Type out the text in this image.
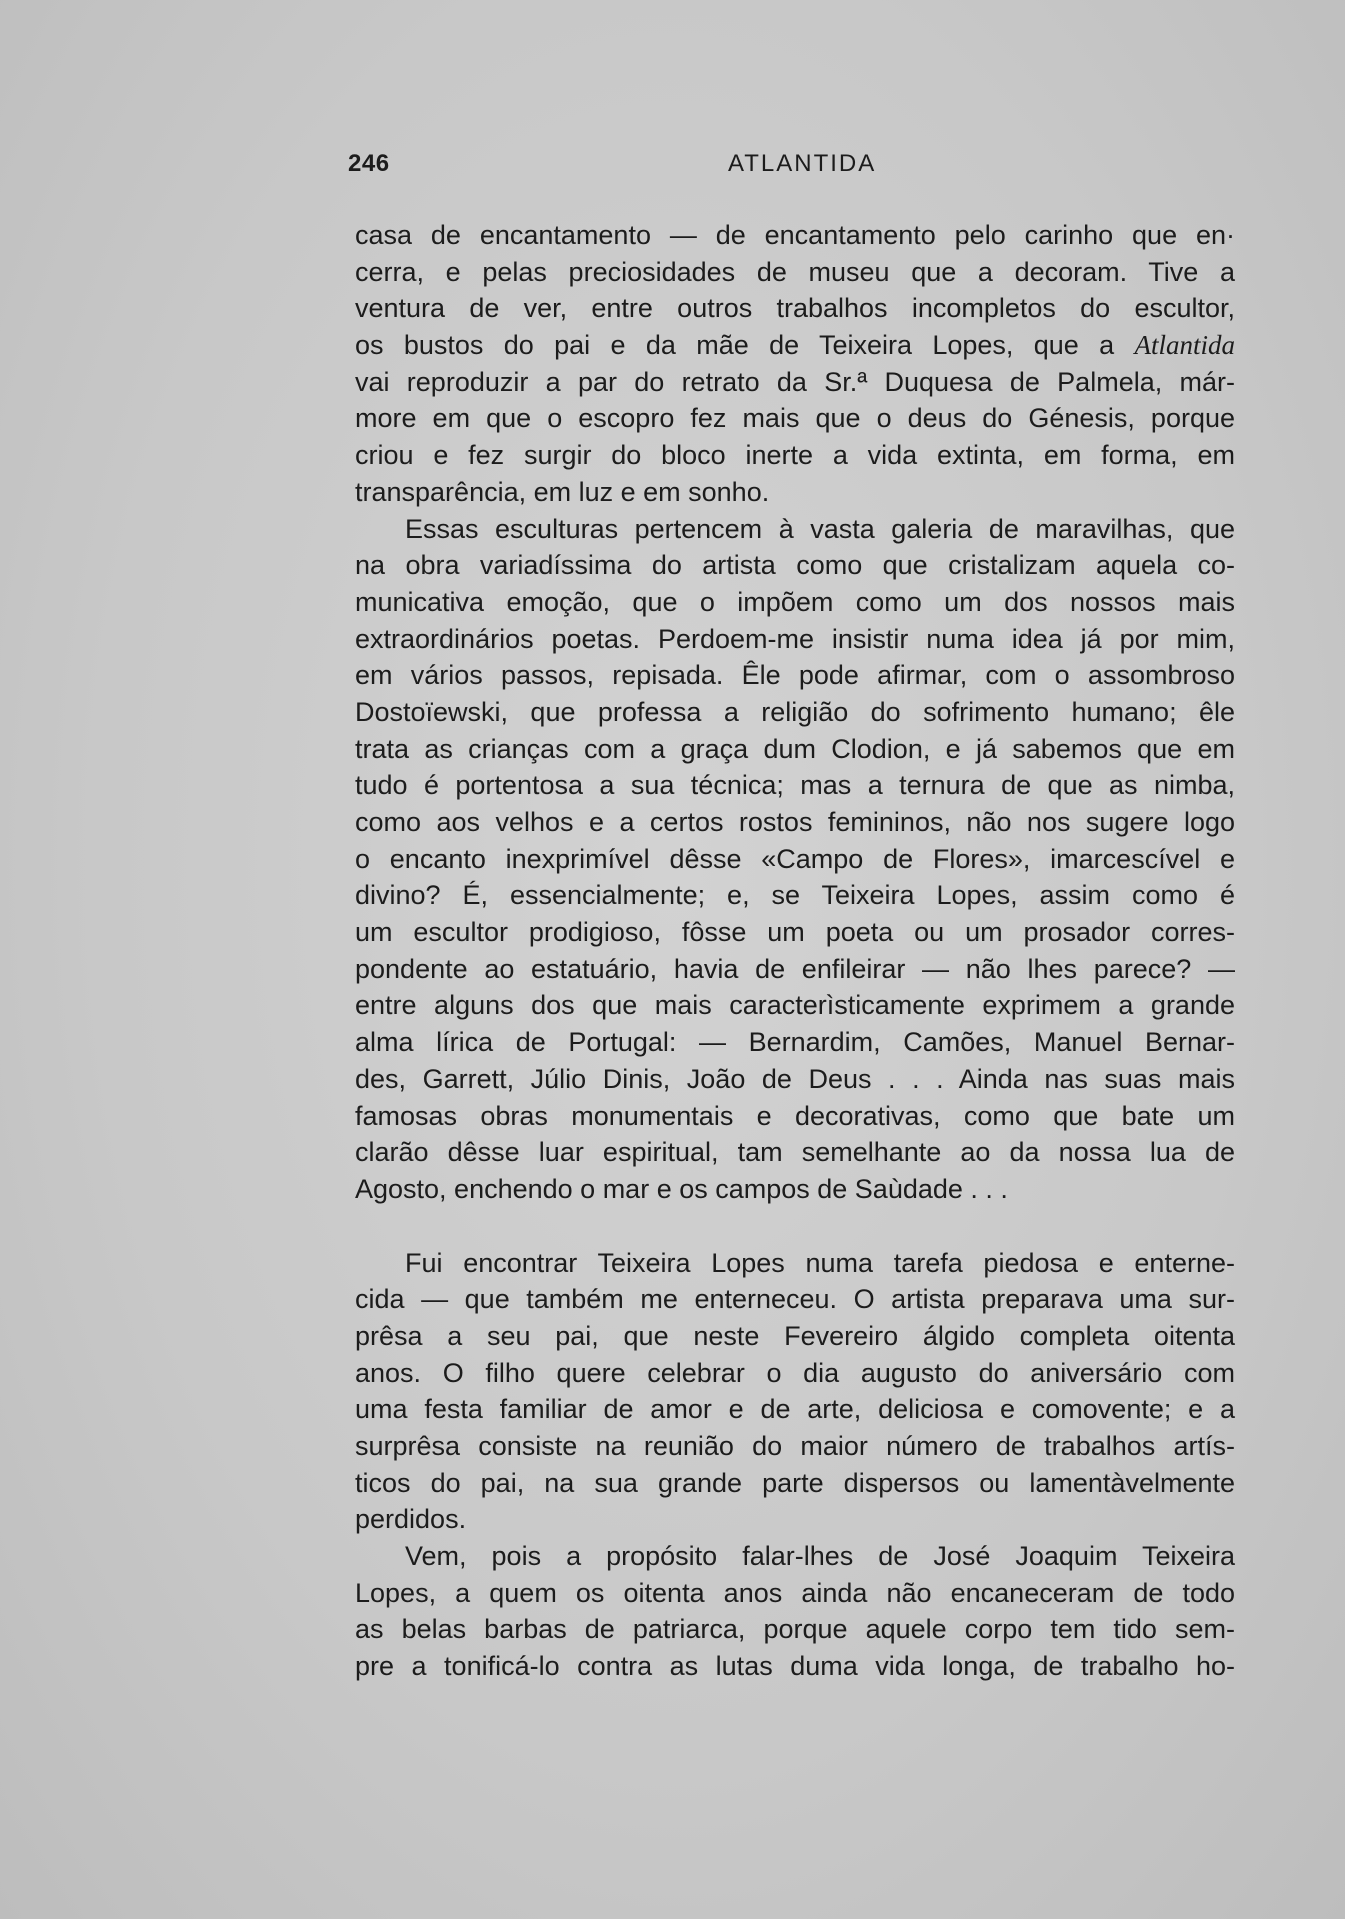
246	ATLANTIDA
casa de encantamento — de encantamento pelo carinho que en·
cerra, e pelas preciosidades de museu que a decoram. Tive a
ventura de ver, entre outros trabalhos incompletos do escultor,
os bustos do pai e da mãe de Teixeira Lopes, que a Atlantida
vai reproduzir a par do retrato da Sr.ª Duquesa de Palmela, már-
more em que o escopro fez mais que o deus do Génesis, porque
criou e fez surgir do bloco inerte a vida extinta, em forma, em
transparência, em luz e em sonho.
Essas esculturas pertencem à vasta galeria de maravilhas, que
na obra variadíssima do artista como que cristalizam aquela co-
municativa emoção, que o impõem como um dos nossos mais
extraordinários poetas. Perdoem-me insistir numa idea já por mim,
em vários passos, repisada. Êle pode afirmar, com o assombroso
Dostoïewski, que professa a religião do sofrimento humano; êle
trata as crianças com a graça dum Clodion, e já sabemos que em
tudo é portentosa a sua técnica; mas a ternura de que as nimba,
como aos velhos e a certos rostos femininos, não nos sugere logo
o encanto inexprimível dêsse «Campo de Flores», imarcescível e
divino? É, essencialmente; e, se Teixeira Lopes, assim como é
um escultor prodigioso, fôsse um poeta ou um prosador corres-
pondente ao estatuário, havia de enfileirar — não lhes parece? —
entre alguns dos que mais caracterìsticamente exprimem a grande
alma lírica de Portugal: — Bernardim, Camões, Manuel Bernar-
des, Garrett, Júlio Dinis, João de Deus . . . Ainda nas suas mais
famosas obras monumentais e decorativas, como que bate um
clarão dêsse luar espiritual, tam semelhante ao da nossa lua de
Agosto, enchendo o mar e os campos de Saùdade . . .
Fui encontrar Teixeira Lopes numa tarefa piedosa e enterne-
cida — que também me enterneceu. O artista preparava uma sur-
prêsa a seu pai, que neste Fevereiro álgido completa oitenta
anos. O filho quere celebrar o dia augusto do aniversário com
uma festa familiar de amor e de arte, deliciosa e comovente; e a
surprêsa consiste na reunião do maior número de trabalhos artís-
ticos do pai, na sua grande parte dispersos ou lamentàvelmente
perdidos.
Vem, pois a propósito falar-lhes de José Joaquim Teixeira
Lopes, a quem os oitenta anos ainda não encaneceram de todo
as belas barbas de patriarca, porque aquele corpo tem tido sem-
pre a tonificá-lo contra as lutas duma vida longa, de trabalho ho-
